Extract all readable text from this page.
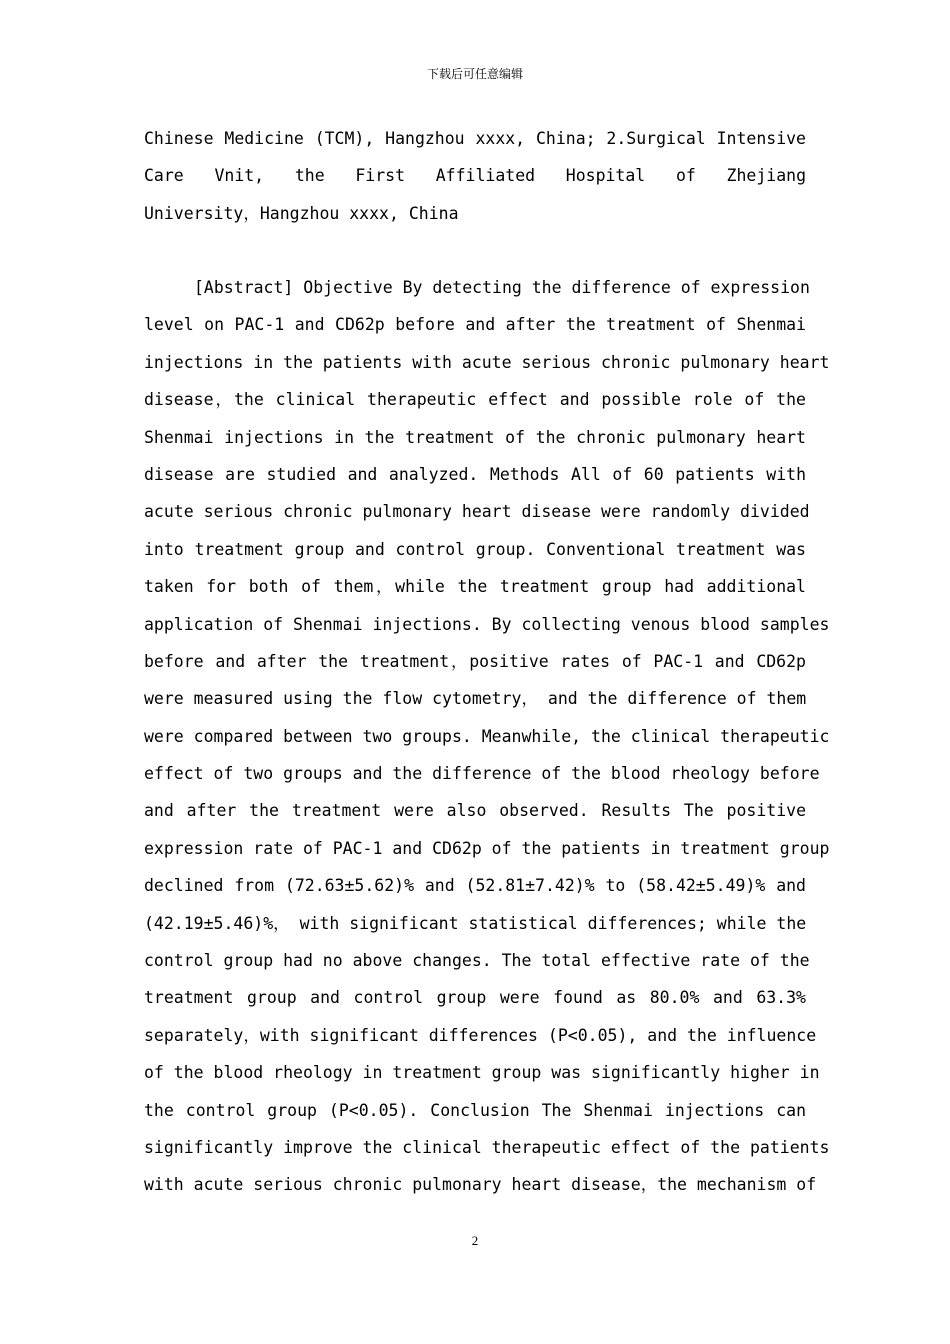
下载后可任意编辑
Chinese Medicine (TCM), Hangzhou xxxx, China; 2.Surgical Intensive
Care Vnit, the First Affiliated Hospital of Zhejiang
University，Hangzhou xxxx, China
[Abstract] Objective By detecting the difference of expression
level on PAC-1 and CD62p before and after the treatment of Shenmai
injections in the patients with acute serious chronic pulmonary heart
disease，the clinical therapeutic effect and possible role of the
Shenmai injections in the treatment of the chronic pulmonary heart
disease are studied and analyzed. Methods All of 60 patients with
acute serious chronic pulmonary heart disease were randomly divided
into treatment group and control group. Conventional treatment was
taken for both of them，while the treatment group had additional
application of Shenmai injections. By collecting venous blood samples
before and after the treatment，positive rates of PAC-1 and CD62p
were measured using the flow cytometry， and the difference of them
were compared between two groups. Meanwhile, the clinical therapeutic
effect of two groups and the difference of the blood rheology before
and after the treatment were also observed. Results The positive
expression rate of PAC-1 and CD62p of the patients in treatment group
declined from (72.63±5.62)% and (52.81±7.42)% to (58.42±5.49)% and
(42.19±5.46)%， with significant statistical differences; while the
control group had no above changes. The total effective rate of the
treatment group and control group were found as 80.0% and 63.3%
separately，with significant differences (P<0.05), and the influence
of the blood rheology in treatment group was significantly higher in
the control group (P<0.05). Conclusion The Shenmai injections can
significantly improve the clinical therapeutic effect of the patients
with acute serious chronic pulmonary heart disease，the mechanism of
2
